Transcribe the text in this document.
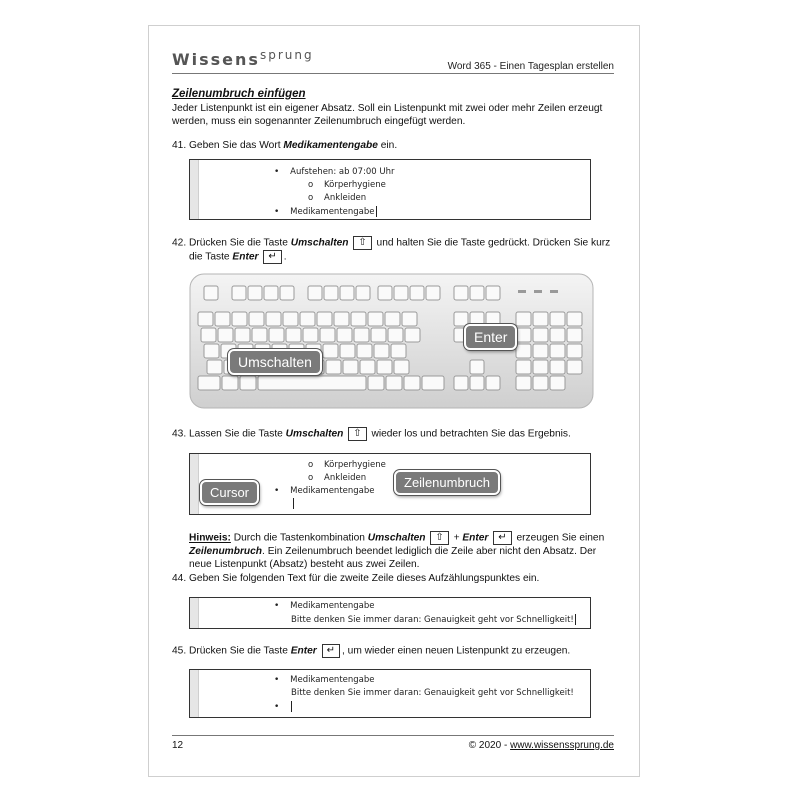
Wissens$^{sprung}$
Word 365 - Einen Tagesplan erstellen
Zeilenumbruch einfügen
Jeder Listenpunkt ist ein eigener Absatz. Soll ein Listenpunkt mit zwei oder mehr Zeilen erzeugt
werden, muss ein sogenannter Zeilenumbruch eingefügt werden.
41. Geben Sie das Wort Medikamentengabe ein.
• Aufstehen: ab 07:00 Uhr
o Körperhygiene
o Ankleiden
• Medikamentengabe
42. Drücken Sie die Taste Umschalten ⇧ und halten Sie die Taste gedrückt. Drücken Sie kurz
die Taste Enter ↵ .
Umschalten
Enter
43. Lassen Sie die Taste Umschalten ⇧ wieder los und betrachten Sie das Ergebnis.
o Körperhygiene
o Ankleiden
• Medikamentengabe
Cursor
Zeilenumbruch
Hinweis: Durch die Tastenkombination Umschalten ⇧ + Enter ↵ erzeugen Sie einen
Zeilenumbruch. Ein Zeilenumbruch beendet lediglich die Zeile aber nicht den Absatz. Der
neue Listenpunkt (Absatz) besteht aus zwei Zeilen.
44. Geben Sie folgenden Text für die zweite Zeile dieses Aufzählungspunktes ein.
• Medikamentengabe
Bitte denken Sie immer daran: Genauigkeit geht vor Schnelligkeit!
45. Drücken Sie die Taste Enter ↵ , um wieder einen neuen Listenpunkt zu erzeugen.
• Medikamentengabe
Bitte denken Sie immer daran: Genauigkeit geht vor Schnelligkeit!
•
12	© 2020 - www.wissenssprung.de
